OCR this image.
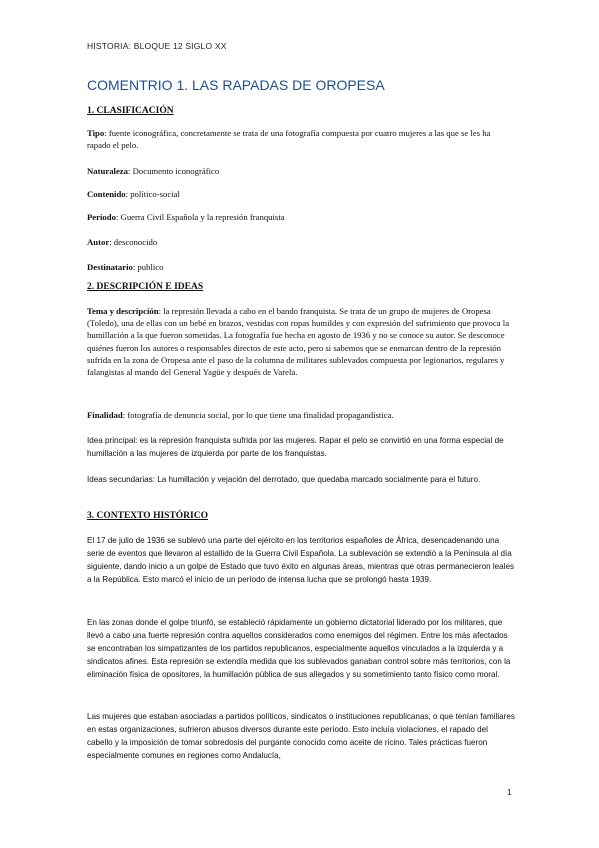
HISTORIA: BLOQUE 12 SIGLO XX
COMENTRIO 1. LAS RAPADAS DE OROPESA
1. CLASIFICACIÓN
Tipo: fuente iconográfica, concretamente se trata de una fotografía compuesta por cuatro mujeres a las que se les ha rapado el pelo.
Naturaleza: Documento iconográfico
Contenido: político-social
Periodo: Guerra Civil Española y la represión franquista
Autor: desconocido
Destinatario: publico
2. DESCRIPCIÓN E IDEAS
Tema y descripción: la represión llevada a cabo en el bando franquista. Se trata de un grupo de mujeres de Oropesa (Toledo), una de ellas con un bebé en brazos, vestidas con ropas humildes y con expresión del sufrimiento que provoca la humillación a la que fueron sometidas. La fotografía fue hecha en agosto de 1936 y no se conoce su autor. Se desconoce quiénes fueron los autores o responsables directos de este acto, pero si sabemos que se enmarcan dentro de la represión sufrida en la zona de Oropesa ante el paso de la columna de militares sublevados compuesta por legionarios, regulares y falangistas al mando del General Yagüe y después de Varela.
Finalidad: fotografía de denuncia social, por lo que tiene una finalidad propagandística.
Idea principal: es la represión franquista sufrida por las mujeres. Rapar el pelo se convirtió en una forma especial de humillación a las mujeres de izquierda por parte de los franquistas.
Ideas secundarias: La humillación y vejación del derrotado, que quedaba marcado socialmente para el futuro.
3. CONTEXTO HISTÓRICO
El 17 de julio de 1936 se sublevó una parte del ejército en los territorios españoles de África, desencadenando una serie de eventos que llevaron al estallido de la Guerra Civil Española. La sublevación se extendió a la Península al día siguiente, dando inicio a un golpe de Estado que tuvo éxito en algunas áreas, mientras que otras permanecieron leales a la República. Esto marcó el inicio de un período de intensa lucha que se prolongó hasta 1939.
En las zonas donde el golpe triunfó, se estableció rápidamente un gobierno dictatorial liderado por los militares, que llevó a cabo una fuerte represión contra aquellos considerados como enemigos del régimen. Entre los más afectados se encontraban los simpatizantes de los partidos republicanos, especialmente aquellos vinculados a la izquierda y a sindicatos afines. Esta represión se extendía medida que los sublevados ganaban control sobre más territorios, con la eliminación física de opositores, la humillación pública de sus allegados y su sometimiento tanto físico como moral.
Las mujeres que estaban asociadas a partidos políticos, sindicatos o instituciones republicanas, o que tenían familiares en estas organizaciones, sufrieron abusos diversos durante este período. Esto incluía violaciones, el rapado del cabello y la imposición de tomar sobredosis del purgante conocido como aceite de ricino. Tales prácticas fueron especialmente comunes en regiones como Andalucía,
1
